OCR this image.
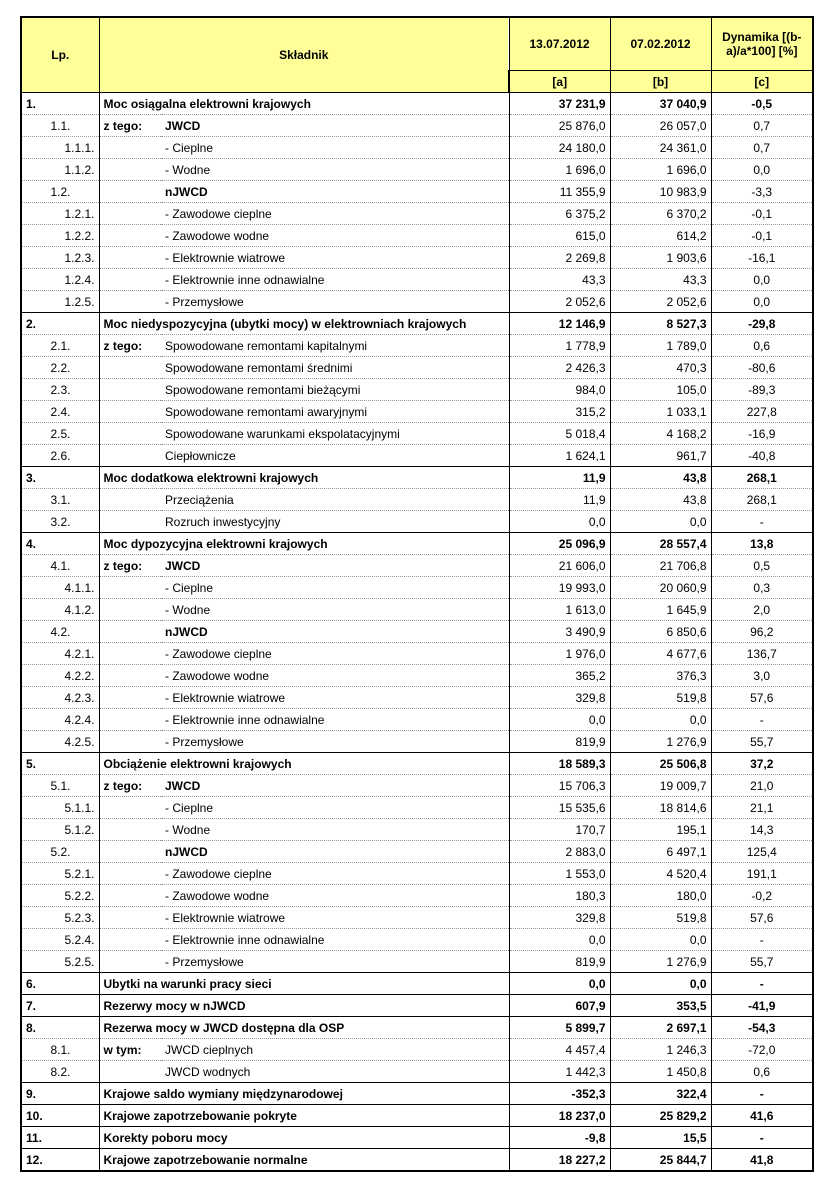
Lp.	Składnik		13.07.2012	07.02.2012	Dynamika [(b-a)/a*100] [%]
			[a]	[b]	[c]
1.	Moc osiągalna elektrowni krajowych		37 231,9	37 040,9	-0,5
1.1.	z tego:	JWCD	25 876,0	26 057,0	0,7
1.1.1.		- Cieplne	24 180,0	24 361,0	0,7
1.1.2.		- Wodne	1 696,0	1 696,0	0,0
1.2.		nJWCD	11 355,9	10 983,9	-3,3
1.2.1.		- Zawodowe cieplne	6 375,2	6 370,2	-0,1
1.2.2.		- Zawodowe wodne	615,0	614,2	-0,1
1.2.3.		- Elektrownie wiatrowe	2 269,8	1 903,6	-16,1
1.2.4.		- Elektrownie inne odnawialne	43,3	43,3	0,0
1.2.5.		- Przemysłowe	2 052,6	2 052,6	0,0
2.	Moc niedyspozycyjna (ubytki mocy) w elektrowniach krajowych		12 146,9	8 527,3	-29,8
2.1.	z tego:	Spowodowane remontami kapitalnymi	1 778,9	1 789,0	0,6
2.2.		Spowodowane remontami średnimi	2 426,3	470,3	-80,6
2.3.		Spowodowane remontami bieżącymi	984,0	105,0	-89,3
2.4.		Spowodowane remontami awaryjnymi	315,2	1 033,1	227,8
2.5.		Spowodowane warunkami ekspolatacyjnymi	5 018,4	4 168,2	-16,9
2.6.		Ciepłownicze	1 624,1	961,7	-40,8
3.	Moc dodatkowa elektrowni krajowych		11,9	43,8	268,1
3.1.		Przeciążenia	11,9	43,8	268,1
3.2.		Rozruch inwestycyjny	0,0	0,0	-
4.	Moc dypozycyjna elektrowni krajowych		25 096,9	28 557,4	13,8
4.1.	z tego:	JWCD	21 606,0	21 706,8	0,5
4.1.1.		- Cieplne	19 993,0	20 060,9	0,3
4.1.2.		- Wodne	1 613,0	1 645,9	2,0
4.2.		nJWCD	3 490,9	6 850,6	96,2
4.2.1.		- Zawodowe cieplne	1 976,0	4 677,6	136,7
4.2.2.		- Zawodowe wodne	365,2	376,3	3,0
4.2.3.		- Elektrownie wiatrowe	329,8	519,8	57,6
4.2.4.		- Elektrownie inne odnawialne	0,0	0,0	-
4.2.5.		- Przemysłowe	819,9	1 276,9	55,7
5.	Obciążenie elektrowni krajowych		18 589,3	25 506,8	37,2
5.1.	z tego:	JWCD	15 706,3	19 009,7	21,0
5.1.1.		- Cieplne	15 535,6	18 814,6	21,1
5.1.2.		- Wodne	170,7	195,1	14,3
5.2.		nJWCD	2 883,0	6 497,1	125,4
5.2.1.		- Zawodowe cieplne	1 553,0	4 520,4	191,1
5.2.2.		- Zawodowe wodne	180,3	180,0	-0,2
5.2.3.		- Elektrownie wiatrowe	329,8	519,8	57,6
5.2.4.		- Elektrownie inne odnawialne	0,0	0,0	-
5.2.5.		- Przemysłowe	819,9	1 276,9	55,7
6.	Ubytki na warunki pracy sieci		0,0	0,0	-
7.	Rezerwy mocy w nJWCD		607,9	353,5	-41,9
8.	Rezerwa mocy w JWCD dostępna dla OSP		5 899,7	2 697,1	-54,3
8.1.	w tym:	JWCD cieplnych	4 457,4	1 246,3	-72,0
8.2.		JWCD wodnych	1 442,3	1 450,8	0,6
9.	Krajowe saldo wymiany międzynarodowej		-352,3	322,4	-
10.	Krajowe zapotrzebowanie pokryte		18 237,0	25 829,2	41,6
11.	Korekty poboru mocy		-9,8	15,5	-
12.	Krajowe zapotrzebowanie normalne		18 227,2	25 844,7	41,8
